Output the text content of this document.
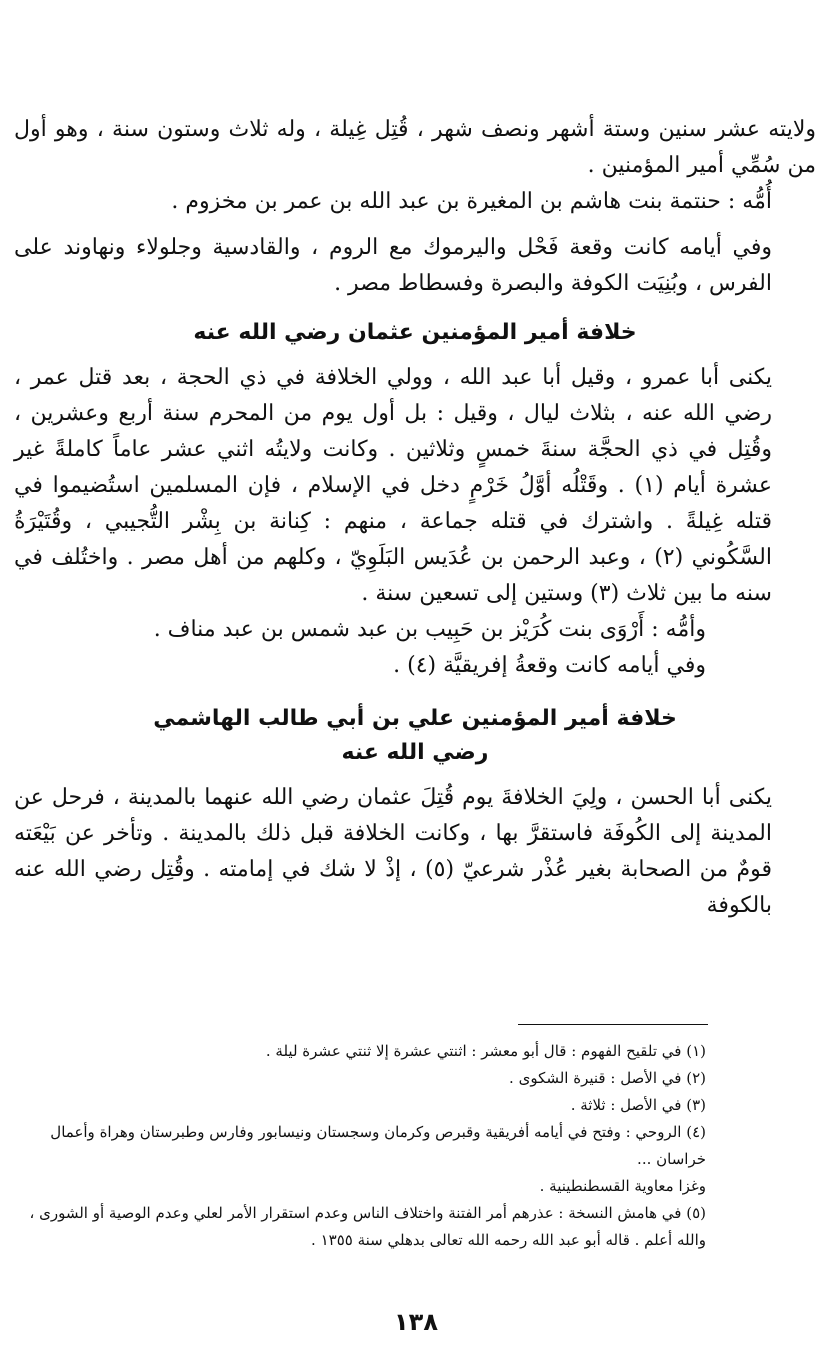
ولايته عشر سنين وستة أشهر ونصف شهر ، قُتِل غِيلة ، وله ثلاث وستون سنة ، وهو أول من سُمِّي أمير المؤمنين .

أُمُّه : حنتمة بنت هاشم بن المغيرة بن عبد الله بن عمر بن مخزوم .

وفي أيامه كانت وقعة فَحْل واليرموك مع الروم ، والقادسية وجلولاء ونهاوند على الفرس ، وبُنِيَت الكوفة والبصرة وفسطاط مصر .

خلافة أمير المؤمنين عثمان رضي الله عنه

يكنى أبا عمرو ، وقيل أبا عبد الله ، وولي الخلافة في ذي الحجة ، بعد قتل عمر ، رضي الله عنه ، بثلاث ليال ، وقيل : بل أول يوم من المحرم سنة أربع وعشرين ، وقُتِل في ذي الحجَّة سنةَ خمسٍ وثلاثين . وكانت ولايتُه اثني عشر عاماً كاملةً غير عشرة أيام (١) . وقَتْلُه أوَّلُ خَرْمٍ دخل في الإسلام ، فإن المسلمين استُضيموا في قتله غِيلةً . واشترك في قتله جماعة ، منهم : كِنانة بن بِشْر التُّجيبي ، وقُتَيْرَةُ السَّكُوني (٢) ، وعبد الرحمن بن عُدَيس البَلَوِيّ ، وكلهم من أهل مصر . واختُلف في سنه ما بين ثلاث (٣) وستين إلى تسعين سنة .

وأمُّه : أَرْوَى بنت كُرَيْز بن حَبِيب بن عبد شمس بن عبد مناف .

وفي أيامه كانت وقعةُ إفريقيَّة (٤) .

خلافة أمير المؤمنين علي بن أبي طالب الهاشمي

رضي الله عنه

يكنى أبا الحسن ، ولِيَ الخلافةَ يوم قُتِلَ عثمان رضي الله عنهما بالمدينة ، فرحل عن المدينة إلى الكُوفَة فاستقرَّ بها ، وكانت الخلافة قبل ذلك بالمدينة . وتأخر عن بَيْعَته قومٌ من الصحابة بغير عُذْر شرعيّ (٥) ، إذْ لا شك في إمامته . وقُتِل رضي الله عنه بالكوفة

(١) في تلقيح الفهوم : قال أبو معشر : اثنتي عشرة إلا ثنتي عشرة ليلة .

(٢) في الأصل : قنيرة الشكوى .

(٣) في الأصل : ثلاثة .

(٤) الروحي : وفتح في أيامه أفريقية وقبرص وكرمان وسجستان ونيسابور وفارس وطبرستان وهراة وأعمال خراسان ...

وغزا معاوية القسطنطينية .

(٥) في هامش النسخة : عذرهم أمر الفتنة واختلاف الناس وعدم استقرار الأمر لعلي وعدم الوصية أو الشورى ،

والله أعلم . قاله أبو عبد الله رحمه الله تعالى بدهلي سنة ١٣٥٥ .

١٣٨
